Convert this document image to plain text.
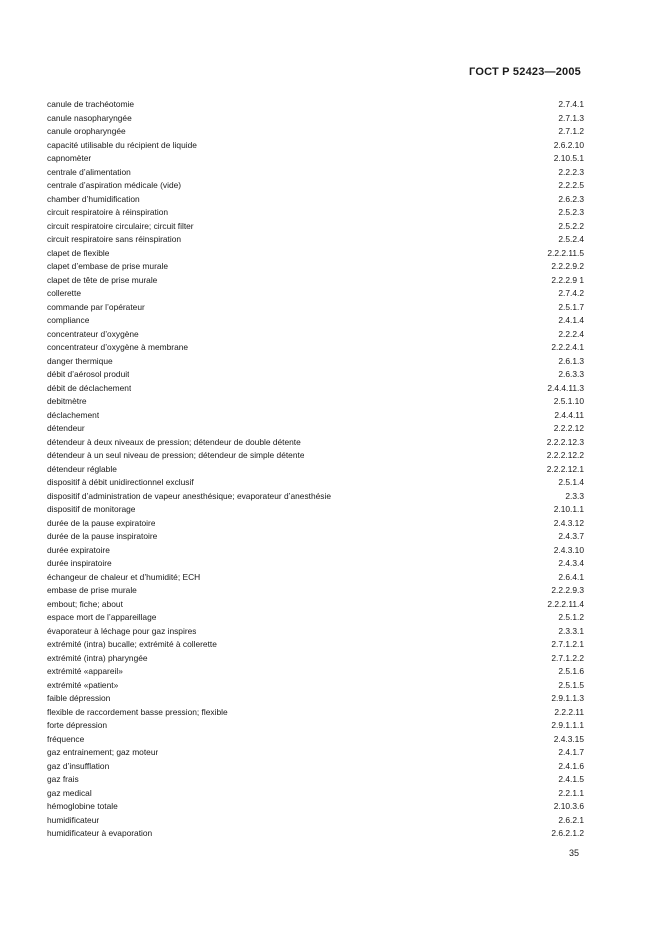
ГОСТ Р 52423—2005
canule de trachéotomie	2.7.4.1
canule nasopharyngée	2.7.1.3
canule oropharyngée	2.7.1.2
capacité utilisable du récipient de liquide	2.6.2.10
capnomèter	2.10.5.1
centrale d’alimentation	2.2.2.3
centrale d’aspiration médicale (vide)	2.2.2.5
chamber d’humidification	2.6.2.3
circuit respiratoire à réinspiration	2.5.2.3
circuit respiratoire circulaire; circuit filter	2.5.2.2
circuit respiratoire sans réinspiration	2.5.2.4
clapet de flexible	2.2.2.11.5
clapet d’embase de prise murale	2.2.2.9.2
clapet de tête de prise murale	2.2.2.9 1
collerette	2.7.4.2
commande par l’opérateur	2.5.1.7
compliance	2.4.1.4
concentrateur d’oxygène	2.2.2.4
concentrateur d’oxygène à membrane	2.2.2.4.1
danger thermique	2.6.1.3
débit d’aérosol produit	2.6.3.3
débit de déclachement	2.4.4.11.3
debitmètre	2.5.1.10
déclachement	2.4.4.11
détendeur	2.2.2.12
détendeur à deux niveaux de pression; détendeur de double détente	2.2.2.12.3
détendeur à un seul niveau de pression; détendeur de simple détente	2.2.2.12.2
détendeur réglable	2.2.2.12.1
dispositif à débit unidirectionnel exclusif	2.5.1.4
dispositif d’administration de vapeur anesthésique; evaporateur d’anesthésie	2.3.3
dispositif de monitorage	2.10.1.1
durée de la pause expiratoire	2.4.3.12
durée de la pause inspiratoire	2.4.3.7
durée expiratoire	2.4.3.10
durée inspiratoire	2.4.3.4
échangeur de chaleur et d’humidité; ECH	2.6.4.1
embase de prise murale	2.2.2.9.3
embout; fiche; about	2.2.2.11.4
espace mort de l’appareillage	2.5.1.2
évaporateur à léchage pour gaz inspires	2.3.3.1
extrémité (intra) bucalle; extrémité à collerette	2.7.1.2.1
extrémité (intra) pharyngée	2.7.1.2.2
extrémité «appareil»	2.5.1.6
extrémité «patient»	2.5.1.5
faible dépression	2.9.1.1.3
flexible de raccordement basse pression; flexible	2.2.2.11
forte dépression	2.9.1.1.1
fréquence	2.4.3.15
gaz entrainement; gaz moteur	2.4.1.7
gaz d’insufflation	2.4.1.6
gaz frais	2.4.1.5
gaz medical	2.2.1.1
hémoglobine totale	2.10.3.6
humidificateur	2.6.2.1
humidificateur à evaporation	2.6.2.1.2
35
